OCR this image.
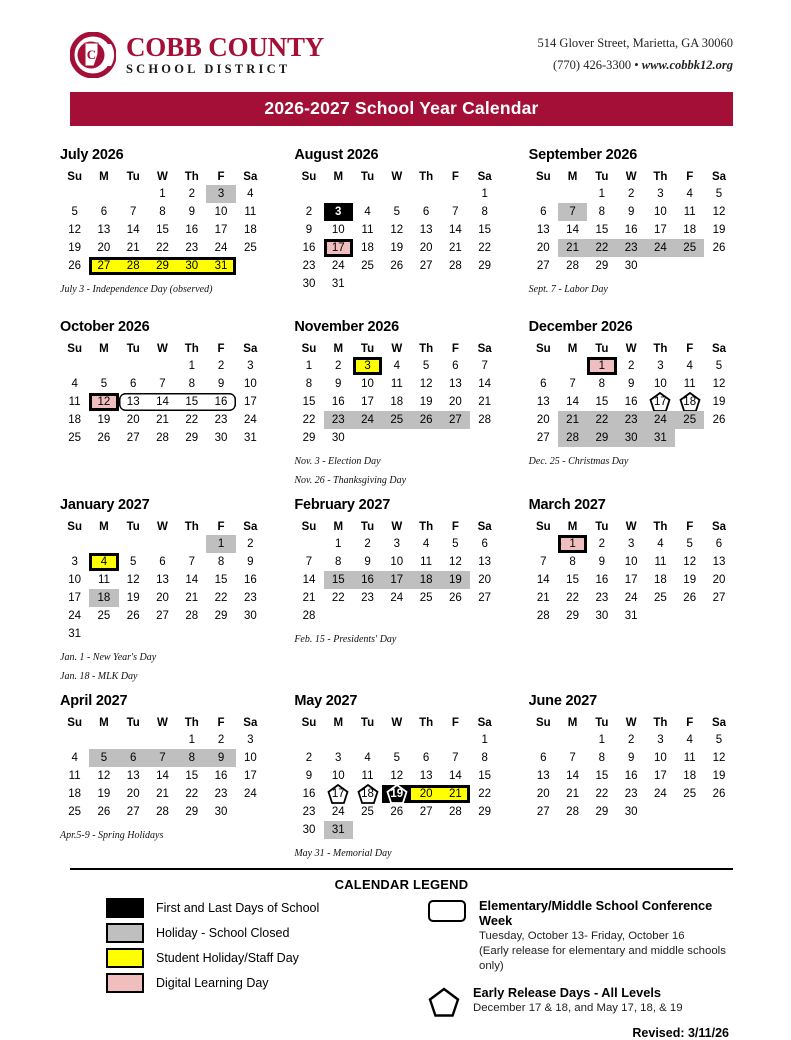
C COBB COUNTY
SCHOOL DISTRICT
514 Glover Street, Marietta, GA 30060
(770) 426-3300 • www.cobbk12.org
2026-2027 School Year Calendar
July 2026
Su	M	Tu	W	Th	F	Sa

			1	2	3	4

5	6	7	8	9	10	11

12	13	14	15	16	17	18

19	20	21	22	23	24	25

26	27	28	29	30	31	

July 3 - Independence Day (observed)
August 2026
Su	M	Tu	W	Th	F	Sa

						1

2	3	4	5	6	7	8

9	10	11	12	13	14	15

16	17	18	19	20	21	22

23	24	25	26	27	28	29

30	31					

September 2026
Su	M	Tu	W	Th	F	Sa

		1	2	3	4	5

6	7	8	9	10	11	12

13	14	15	16	17	18	19

20	21	22	23	24	25	26

27	28	29	30			

Sept. 7 - Labor Day
October 2026
Su	M	Tu	W	Th	F	Sa

				1	2	3

4	5	6	7	8	9	10

11	12	13	14	15	16	17

18	19	20	21	22	23	24

25	26	27	28	29	30	31
November 2026
Su	M	Tu	W	Th	F	Sa

1	2	3	4	5	6	7

8	9	10	11	12	13	14

15	16	17	18	19	20	21

22	23	24	25	26	27	28

29	30					

Nov. 3 - Election Day
Nov. 26 - Thanksgiving Day
December 2026
Su	M	Tu	W	Th	F	Sa

		1	2	3	4	5

6	7	8	9	10	11	12

13	14	15	16	17	18	19

20	21	22	23	24	25	26

27	28	29	30	31		

Dec. 25 - Christmas Day
January 2027
Su	M	Tu	W	Th	F	Sa

					1	2

3	4	5	6	7	8	9

10	11	12	13	14	15	16

17	18	19	20	21	22	23

24	25	26	27	28	29	30

31						

Jan. 1 - New Year's Day
Jan. 18 - MLK Day
February 2027
Su	M	Tu	W	Th	F	Sa

	1	2	3	4	5	6

7	8	9	10	11	12	13

14	15	16	17	18	19	20

21	22	23	24	25	26	27

28						

Feb. 15 - Presidents' Day
March 2027
Su	M	Tu	W	Th	F	Sa

	1	2	3	4	5	6

7	8	9	10	11	12	13

14	15	16	17	18	19	20

21	22	23	24	25	26	27

28	29	30	31			

April 2027
Su	M	Tu	W	Th	F	Sa

				1	2	3

4	5	6	7	8	9	10

11	12	13	14	15	16	17

18	19	20	21	22	23	24

25	26	27	28	29	30	

Apr.5-9 - Spring Holidays
May 2027
Su	M	Tu	W	Th	F	Sa

						1

2	3	4	5	6	7	8

9	10	11	12	13	14	15

16	17	18	19	20	21	22

23	24	25	26	27	28	29

30	31					

May 31 - Memorial Day
June 2027
Su	M	Tu	W	Th	F	Sa

		1	2	3	4	5

6	7	8	9	10	11	12

13	14	15	16	17	18	19

20	21	22	23	24	25	26

27	28	29	30			

CALENDAR LEGEND
First and Last Days of School
Holiday - School Closed
Student Holiday/Staff Day
Digital Learning Day
Elementary/Middle School Conference Week
Tuesday, October 13- Friday, October 16
(Early release for elementary and middle schools only)
Early Release Days - All Levels
December 17 & 18, and May 17, 18, & 19
Revised: 3/11/26
